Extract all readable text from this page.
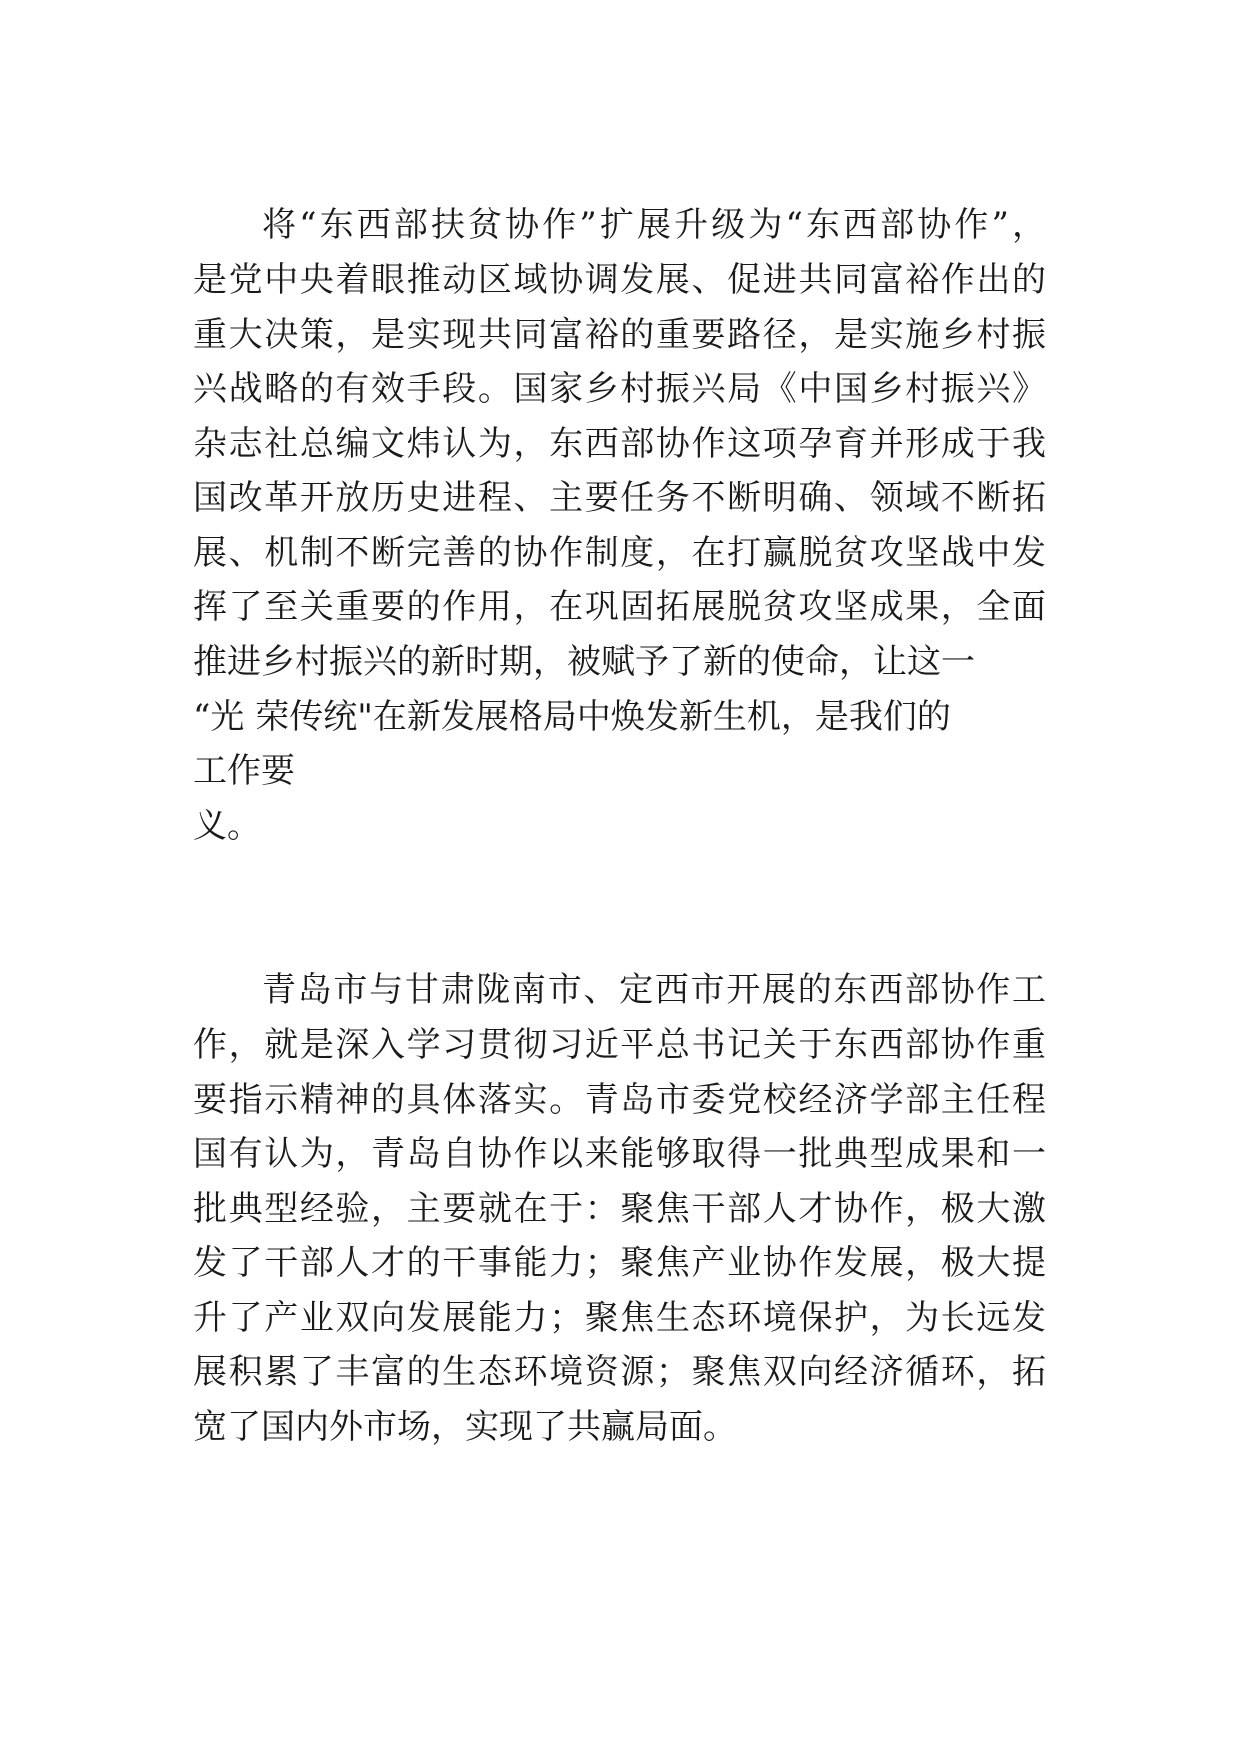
将“东西部扶贫协作”扩展升级为“东西部协作”，
是党中央着眼推动区域协调发展、促进共同富裕作出的
重大决策，是实现共同富裕的重要路径，是实施乡村振
兴战略的有效手段。国家乡村振兴局《中国乡村振兴》
杂志社总编文炜认为，东西部协作这项孕育并形成于我
国改革开放历史进程、主要任务不断明确、领域不断拓
展、机制不断完善的协作制度，在打赢脱贫攻坚战中发
挥了至关重要的作用，在巩固拓展脱贫攻坚成果，全面
推进乡村振兴的新时期，被赋予了新的使命，让这一
“光 荣传统"在新发展格局中焕发新生机，是我们的
工作要
义。
青岛市与甘肃陇南市、定西市开展的东西部协作工
作，就是深入学习贯彻习近平总书记关于东西部协作重
要指示精神的具体落实。青岛市委党校经济学部主任程
国有认为，青岛自协作以来能够取得一批典型成果和一
批典型经验，主要就在于：聚焦干部人才协作，极大激
发了干部人才的干事能力；聚焦产业协作发展，极大提
升了产业双向发展能力；聚焦生态环境保护，为长远发
展积累了丰富的生态环境资源；聚焦双向经济循环，拓
宽了国内外市场，实现了共赢局面。
